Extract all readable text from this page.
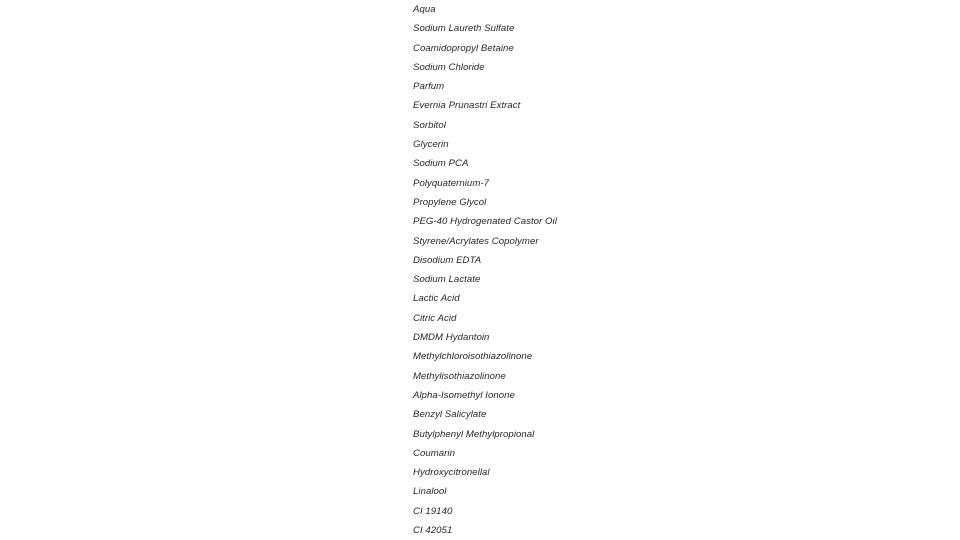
Aqua
Sodium Laureth Sulfate
Coamidopropyl Betaine
Sodium Chloride
Parfum
Evernia Prunastri Extract
Sorbitol
Glycerin
Sodium PCA
Polyquaternium-7
Propylene Glycol
PEG-40 Hydrogenated Castor Oil
Styrene/Acrylates Copolymer
Disodium EDTA
Sodium Lactate
Lactic Acid
Citric Acid
DMDM Hydantoin
Methylchloroisothiazolinone
Methylisothiazolinone
Alpha-Isomethyl Ionone
Benzyl Salicylate
Butylphenyl Methylpropional
Coumarin
Hydroxycitronellal
Linalool
CI 19140
CI 42051
